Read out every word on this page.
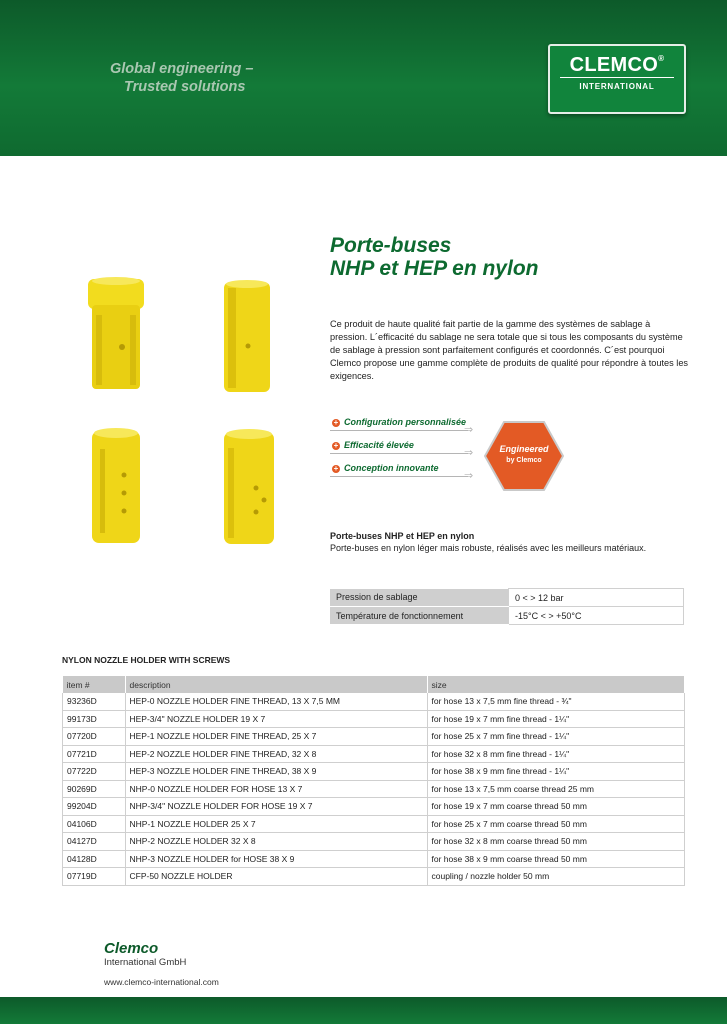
Global engineering –
Trusted solutions
CLEMCO®
INTERNATIONAL
Porte-buses
NHP et HEP en nylon
Ce produit de haute qualité fait partie de la gamme des systèmes de sablage à pression. L´efficacité du sablage ne sera totale que si tous les composants du système de sablage à pression sont parfaitement configurés et coordonnés. C´est pourquoi Clemco propose une gamme complète de produits de qualité pour répondre à toutes les exigences.
+ Configuration personnalisée
⇒
+ Efficacité élevée
⇒
+ Conception innovante
⇒
Engineered
by Clemco
Porte-buses NHP et HEP en nylon
Porte-buses en nylon léger mais robuste, réalisés avec les meilleurs matériaux.
Pression de sablage	0 < > 12 bar
Température de fonctionnement	-15°C < > +50°C
NYLON NOZZLE HOLDER WITH SCREWS
item #	description	size
93236D	HEP-0 NOZZLE HOLDER FINE THREAD, 13 X 7,5 MM	for hose 13 x 7,5 mm fine thread - ¾"
99173D	HEP-3/4" NOZZLE HOLDER 19 X 7	for hose 19 x 7 mm fine thread - 1¼"
07720D	HEP-1 NOZZLE HOLDER FINE THREAD, 25 X 7	for hose 25 x 7 mm fine thread - 1¼"
07721D	HEP-2 NOZZLE HOLDER FINE THREAD, 32 X 8	for hose 32 x 8 mm fine thread - 1¼"
07722D	HEP-3 NOZZLE HOLDER FINE THREAD, 38 X 9	for hose 38 x 9 mm fine thread - 1¼"
90269D	NHP-0 NOZZLE HOLDER FOR HOSE 13 X 7	for hose 13 x 7,5 mm coarse thread 25 mm
99204D	NHP-3/4" NOZZLE HOLDER FOR HOSE 19 X 7	for hose 19 x 7 mm coarse thread 50 mm
04106D	NHP-1 NOZZLE HOLDER 25 X 7	for hose 25 x 7 mm coarse thread 50 mm
04127D	NHP-2 NOZZLE HOLDER 32 X 8	for hose 32 x 8 mm coarse thread 50 mm
04128D	NHP-3 NOZZLE HOLDER for HOSE 38 X 9	for hose 38 x 9 mm coarse thread 50 mm
07719D	CFP-50 NOZZLE HOLDER	coupling / nozzle holder 50 mm
Clemco
International GmbH
www.clemco-international.com
